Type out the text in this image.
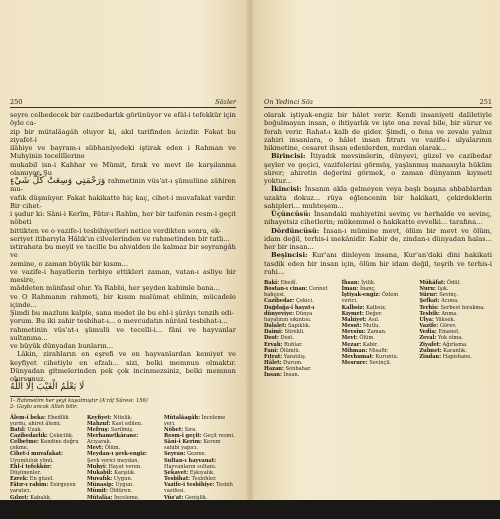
250	Sözler

seyre celbedecek bir cazibedarlık görünüyor ve efâl-i tefekkür için öyle ca-

zip bir mütalâagâh oluyor ki, akıl tarifinden âcizdir. Fakat bu ziyafet-i

ilâhiye ve bayram-ı sübhaniyedeki iştirak eden i Rahman ve Muhyinin tecellîlerine

mukabil isn-i Kahhar ve Mümit, fırak ve mevt ile karşılanma olamıyor. Şu

وَرَحْمَتِي وَسِعَتْ كُلَّ شَيْءٍ rahmetinin vüs'at-ı şümulüne zâhiren mu-

vafık düşmüyor. Fakat hakikatte hiç kaç, cihet-i muvafakat vardır. Bir cihet-

i şudur ki: Sâni-i Kerîm, Fâtır-ı Rahîm, her bir taifenin resm-i geçit nöbeti

bittikten ve o vazife-i tesbihiyetleri netice verdikten sonra, ek-

seriyet itibarıyla Hâlık'ın cilvelerinden ve rahmetinden bir tatlı...

istirahata bu meyil ve tacille bu ahvalden ile kalmaz bir seyrangâh ve

zemine, o zaman büyük bir kısım...

ve vazife-i hayatlerin terbiye ettikleri zaman, vatan-ı asliye bir mesire,

mâddeten münfasıl olur. Ya Rabbi, her şeyden kabimle bana...

ve O Rahmanın rahmeti, bir kısım malûmat ehlinin, mücadele içinde...

Şimdi bu mazlum kalple, sana medet ile bu ehl-i şûrâyı tenzih edi-

yorum. Bu iki zahir tesbihat-ı... o mevcudatın nûrânî tesbihat-ı...

rahmetinin vüs'at-ı şümulü ve tecelli-i... fâni ve hayvanlar sultanına...

ve büyük dünyadan bunların...

Lâkin, zirahların en eşrefi ve en hayvanlardan kemiyet ve keyfiyet cihetiyle en efzalı... sizi, belki memnun olmaktır. Dünyadan gitmelerinden pek çok incinmezsiniz, belki memnun olursunuz.

لَا يَعْلَمُ الْغَيْبَ اِلَّا اللّٰهُ

1- Rahmetim her şeyi kuşatmıştır (A'râf Sûresi: 156)
2- Gaybı ancak Allah bilir.
Âlem-i beka: Ebedîlik yurdu, ahiret âlemi.
Batıl: Uzak.
Cazibedarlık: Çekicilik.
Celbetme: Kendine doğru çekme.
Cihet-i muvafakat: Uyumluluk yönü.
Ehl-i tefekkür: Düşünenler.
Ezrek: En güzel.
Fâtır-ı rahîm: Esirgeyen yaratıcı.
Gılzet: Kabalık.
Ibka: Baki kılma.
İdare: Yönetme.
Kemiyet: Çokluk.
Keyfiyet: Nitelik.
Mahzuf: Kast edilen.
Mefruş: Serilmiş.
Merhametkârane: Acıyarak.
Mevt: Ölüm.
Meydan-ı şevk-engiz: Şevk verici meydan.
Muhyi: Hayat veren.
Mukabil: Karşılık.
Muvafık: Uygun.
Münasip: Uygun.
Mümit: Öldüren.
Mütalâa: İnceleme.
Mütalâagâh: İnceleme yeri.
Nöbet: Sıra.
Resm-i geçit: Geçit resmi.
Sâni-i Kerîm: Kerem sahibi yapıcı.
Seyran: Gezme.
Sultan-ı hayvanat: Hayvanların sultanı.
Şekavet: Eşkıyalık.
Tesbihat: Tesbihler.
Vazife-i tesbihiye: Tesbih vazifesi.
Vüs'at: Genişlik.
Zâhiren: Görünüşte.
Zirah: Ruh sahibi.
On Yedinci Söz	251

olarak iştiyak-engiz bir hâlet verir. Kendi insaniyeti daliletiyle boğulmayan insan, o ihtiyarlık ve işte ona zeval bile, bir sürur ve ferah verir. Rahat-ı kalb de gider. Şimdi, o fena ve zevale yalnız zahiri insanlara, o hâlet insan fıtratı ve vazife-i ulyalarının hikmetine, cesaret ihsan edenlerden, nurdan olarak...

Birincisi: İtiyadık mevsimlerin, dünyevi, güzel ve cazibedar şeyler ve geçici, vazifelerini görmüş, yaşlanmış manasıyla hüküm sürer; ahiretin değerini görmek, o zaman dünyanın kıymeti yoktur...

İkincisi: İnsanın akla gelmeyen veya başlı başına ahbablardan uzakta dokuz... rüya eğlencenin bir hakikati, çekirdeklerin sahipleri... muhteşem...

Üçüncüsü: İnsandaki mahiyetini sevinç ve herhalde ve sevinç, nihayetsiz cihetlerin; mükemmel o hakikatte evvelki... tarafına...

Dördüncüsü: İnsan-ı mümine mevt, ölüm bir mevt ve ölüm, idam değil, terhis-i mekânidir. Kabir de, zindan-ı dünyadan halas... her bir insan...

Beşincisi: Kur'anı dinleyen insana, Kur'an'daki dini hakikati tasdik eden bir insan için, ölüm bir idam değil, teşrih ve terhis-i ruhi...

Baki: Ebedî.
Bostan-ı cinan: Cennet bahçesi.
Cazibedar: Çekici.
Dağdağa-i hayat-ı dünyeviye: Dünya hayatının sıkıntısı.
Dalalet: Sapıklık.
Daimi: Sürekli.
Dost: Dost.
Ervah: Ruhlar.
Fani: Ölümlü.
Fıtrat: Yaratılış.
Hâlet: Durum.
Hazan: Sonbahar.
İnsan: İnsan.
İhsan: İyilik.
İman: İnanç.
İştiyak-engiz: Özlem verici.
Kalbsiz: Kalbsiz.
Kıymet: Değer.
Mahiyet: Asıl.
Mesut: Mutlu.
Mevsim: Zaman.
Mevt: Ölüm.
Mezar: Kabir.
Mihman: Misafir.
Mevhumat: Kuruntu.
Mesrure: Sevinçli.
Mükâfat: Ödül.
Nuru: Işık.
Sürur: Sevinç.
Şefkat: Acıma.
Terhis: Serbest bırakma.
Tesbih: Anma.
Ulya: Yüksek.
Vazife: Görev.
Vedia: Emanet.
Zeval: Yok olma.
Ziyafet: Ağırlama.
Zulmet: Karanlık.
Zindan: Hapishane.
